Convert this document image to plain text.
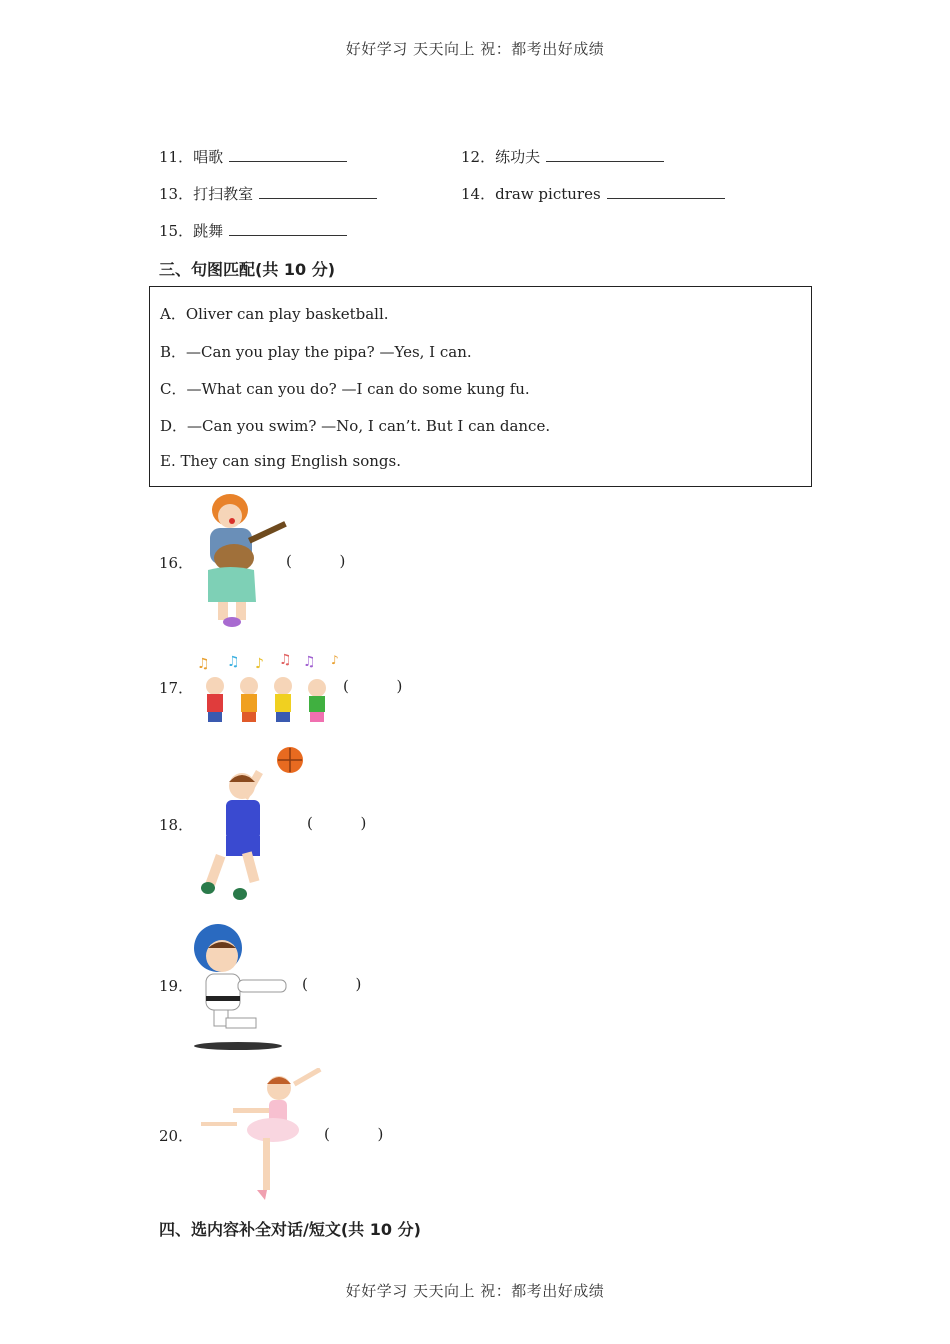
好好学习 天天向上 祝：都考出好成绩
11．唱歌	12．练功夫
13．打扫教室	14．draw pictures
15．跳舞
三、句图匹配(共 10 分)
A．Oliver can play basketball.
B．—Can you play the pipa? —Yes, I can.
C．—What can you do? —I can do some kung fu.
D．—Can you swim? —No, I can’t. But I can dance.
E. They can sing English songs.
16．	(          )
17．
♫ ♫ ♪ ♫ ♫ ♪
(          )
18．	(          )
19．	(          )
20．	(          )
四、选内容补全对话/短文(共 10 分)
好好学习 天天向上 祝：都考出好成绩
